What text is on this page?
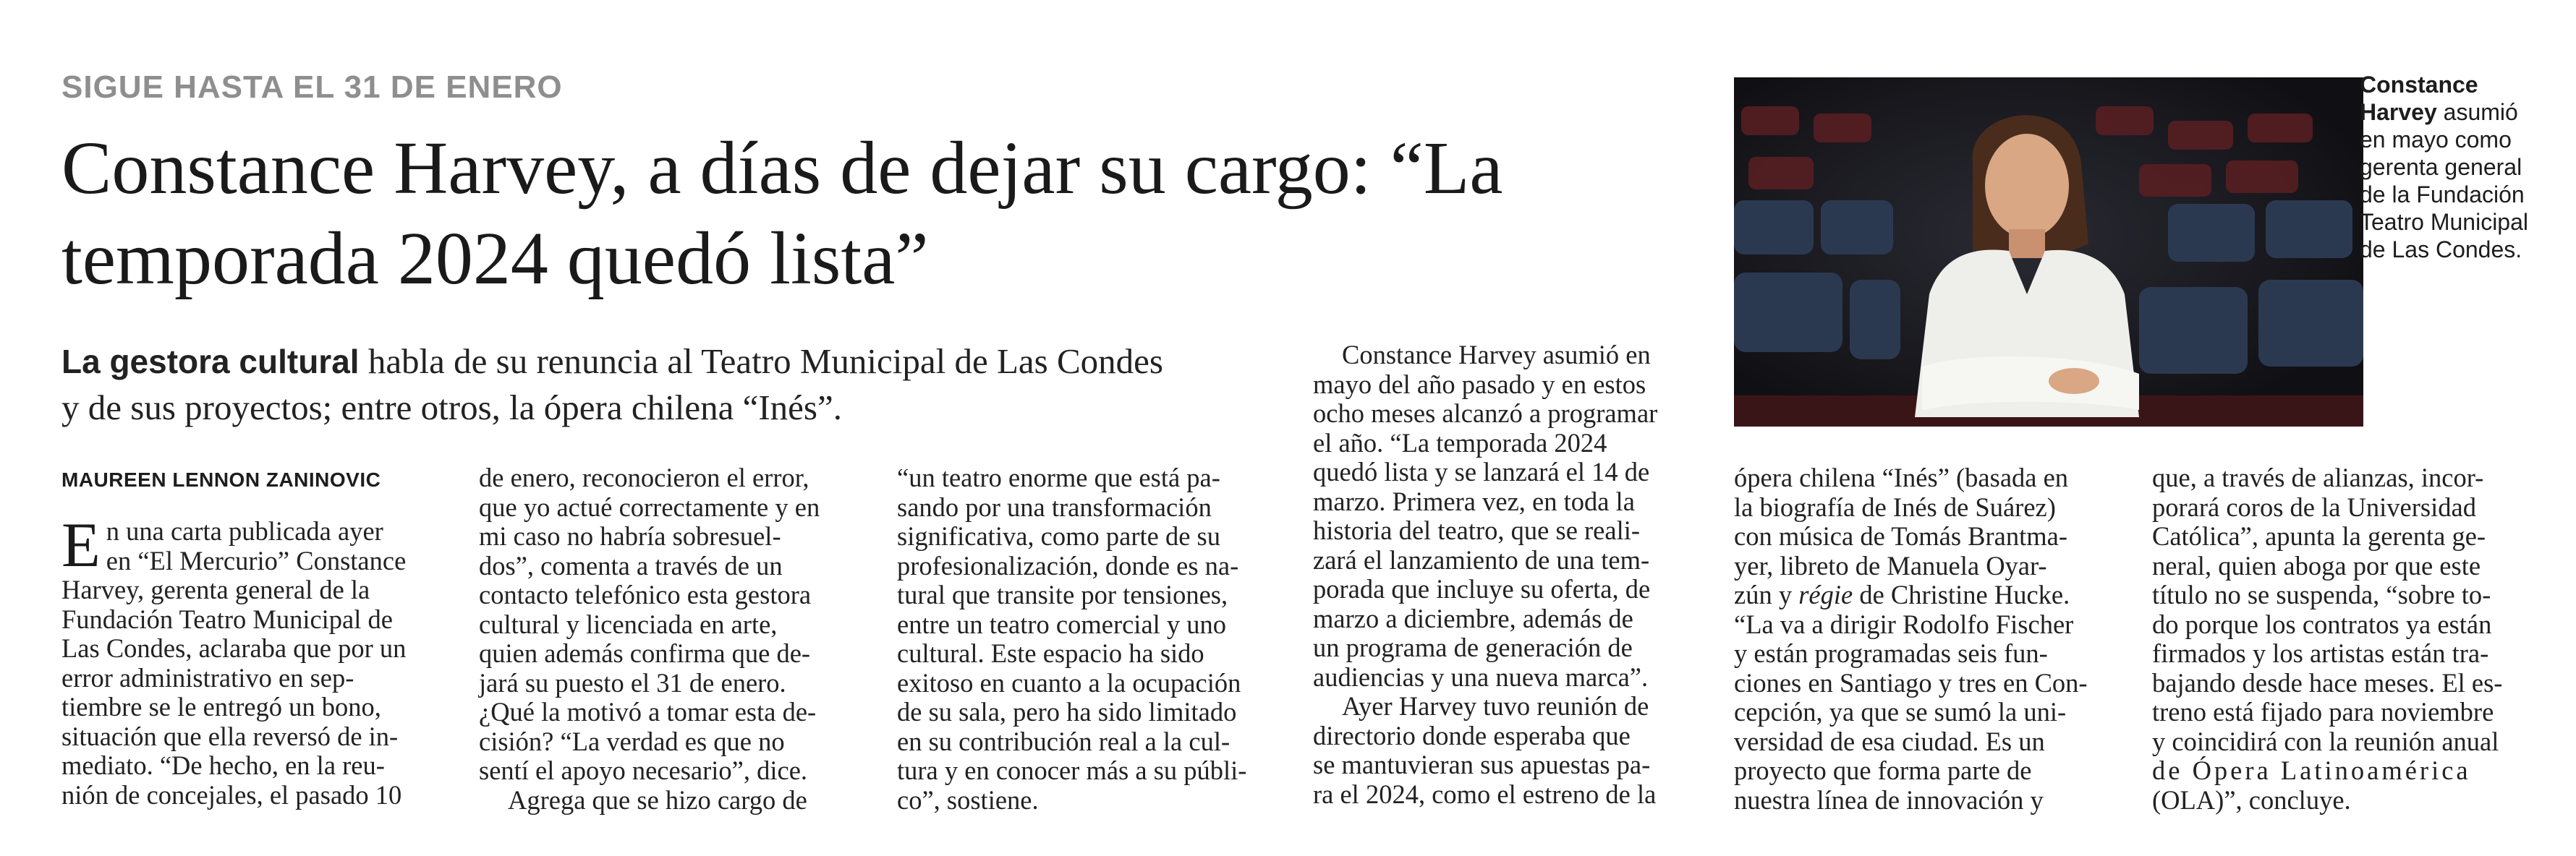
SIGUE HASTA EL 31 DE ENERO
Constance Harvey, a días de dejar su cargo: “La
temporada 2024 quedó lista”
La gestora cultural habla de su renuncia al Teatro Municipal de Las Condes
y de sus proyectos; entre otros, la ópera chilena “Inés”.
MAUREEN LENNON ZANINOVIC
E n una carta publicada ayer
en “El Mercurio” Constance
Harvey, gerenta general de la
Fundación Teatro Municipal de
Las Condes, aclaraba que por un
error administrativo en sep-
tiembre se le entregó un bono,
situación que ella reversó de in-
mediato. “De hecho, en la reu-
nión de concejales, el pasado 10
de enero, reconocieron el error,
que yo actué correctamente y en
mi caso no habría sobresuel-
dos”, comenta a través de un
contacto telefónico esta gestora
cultural y licenciada en arte,
quien además confirma que de-
jará su puesto el 31 de enero.
¿Qué la motivó a tomar esta de-
cisión? “La verdad es que no
sentí el apoyo necesario”, dice.
Agrega que se hizo cargo de
“un teatro enorme que está pa-
sando por una transformación
significativa, como parte de su
profesionalización, donde es na-
tural que transite por tensiones,
entre un teatro comercial y uno
cultural. Este espacio ha sido
exitoso en cuanto a la ocupación
de su sala, pero ha sido limitado
en su contribución real a la cul-
tura y en conocer más a su públi-
co”, sostiene.
Constance Harvey asumió en
mayo del año pasado y en estos
ocho meses alcanzó a programar
el año. “La temporada 2024
quedó lista y se lanzará el 14 de
marzo. Primera vez, en toda la
historia del teatro, que se reali-
zará el lanzamiento de una tem-
porada que incluye su oferta, de
marzo a diciembre, además de
un programa de generación de
audiencias y una nueva marca”.
Ayer Harvey tuvo reunión de
directorio donde esperaba que
se mantuvieran sus apuestas pa-
ra el 2024, como el estreno de la
ópera chilena “Inés” (basada en
la biografía de Inés de Suárez)
con música de Tomás Brantma-
yer, libreto de Manuela Oyar-
zún y régie de Christine Hucke.
“La va a dirigir Rodolfo Fischer
y están programadas seis fun-
ciones en Santiago y tres en Con-
cepción, ya que se sumó la uni-
versidad de esa ciudad. Es un
proyecto que forma parte de
nuestra línea de innovación y
que, a través de alianzas, incor-
porará coros de la Universidad
Católica”, apunta la gerenta ge-
neral, quien aboga por que este
título no se suspenda, “sobre to-
do porque los contratos ya están
firmados y los artistas están tra-
bajando desde hace meses. El es-
treno está fijado para noviembre
y coincidirá con la reunión anual
de Ópera Latinoamérica
(OLA)”, concluye.
Constance Harvey asumió en mayo como gerenta general de la Fundación Teatro Municipal de Las Condes.
